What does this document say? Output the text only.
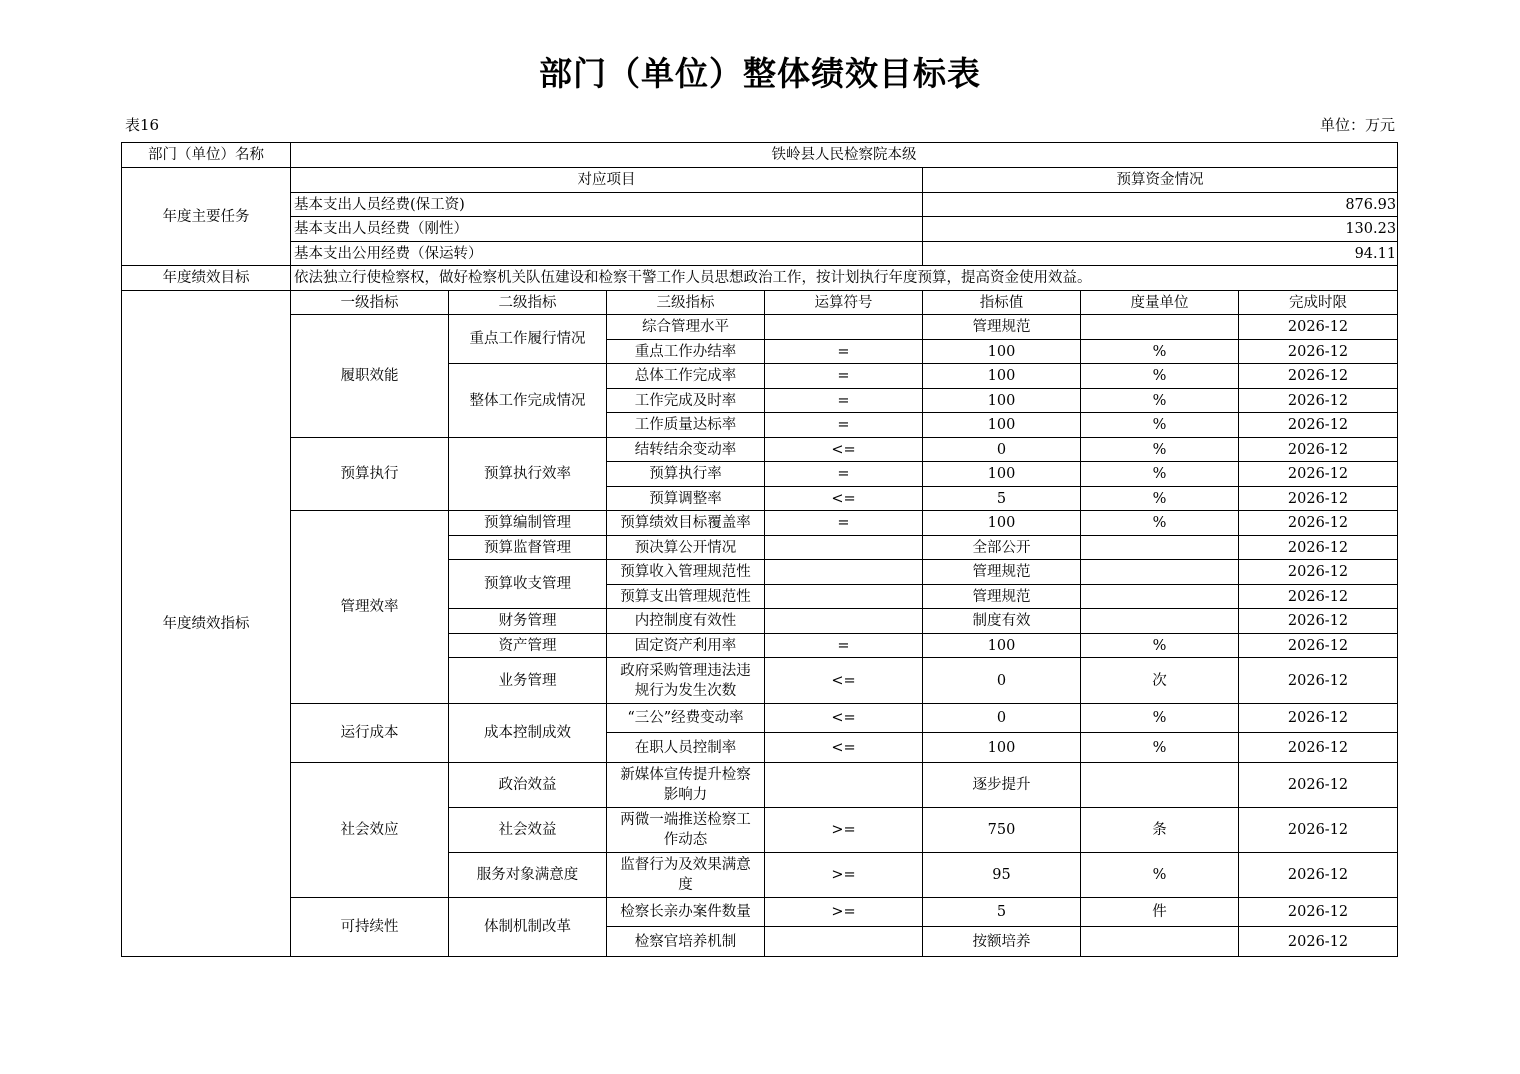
部门（单位）整体绩效目标表
表16	单位：万元
部门（单位）名称	铁岭县人民检察院本级						
年度主要任务	对应项目				预算资金情况		
	基本支出人员经费(保工资)				876.93		
	基本支出人员经费（刚性）				130.23		
	基本支出公用经费（保运转）				94.11		
年度绩效目标	依法独立行使检察权，做好检察机关队伍建设和检察干警工作人员思想政治工作，按计划执行年度预算，提高资金使用效益。						
年度绩效指标	一级指标	二级指标	三级指标	运算符号	指标值	度量单位	完成时限
	履职效能	重点工作履行情况	综合管理水平		管理规范		2026-12
			重点工作办结率	=	100	%	2026-12
		整体工作完成情况	总体工作完成率	=	100	%	2026-12
			工作完成及时率	=	100	%	2026-12
			工作质量达标率	=	100	%	2026-12
	预算执行	预算执行效率	结转结余变动率	<=	0	%	2026-12
			预算执行率	=	100	%	2026-12
			预算调整率	<=	5	%	2026-12
	管理效率	预算编制管理	预算绩效目标覆盖率	=	100	%	2026-12
		预算监督管理	预决算公开情况		全部公开		2026-12
		预算收支管理	预算收入管理规范性		管理规范		2026-12
			预算支出管理规范性		管理规范		2026-12
		财务管理	内控制度有效性		制度有效		2026-12
		资产管理	固定资产利用率	=	100	%	2026-12
		业务管理	政府采购管理违法违
规行为发生次数	<=	0	次	2026-12
	运行成本	成本控制成效	“三公”经费变动率	<=	0	%	2026-12
			在职人员控制率	<=	100	%	2026-12
	社会效应	政治效益	新媒体宣传提升检察
影响力		逐步提升		2026-12
		社会效益	两微一端推送检察工
作动态	>=	750	条	2026-12
		服务对象满意度	监督行为及效果满意
度	>=	95	%	2026-12
	可持续性	体制机制改革	检察长亲办案件数量	>=	5	件	2026-12
			检察官培养机制		按额培养		2026-12
